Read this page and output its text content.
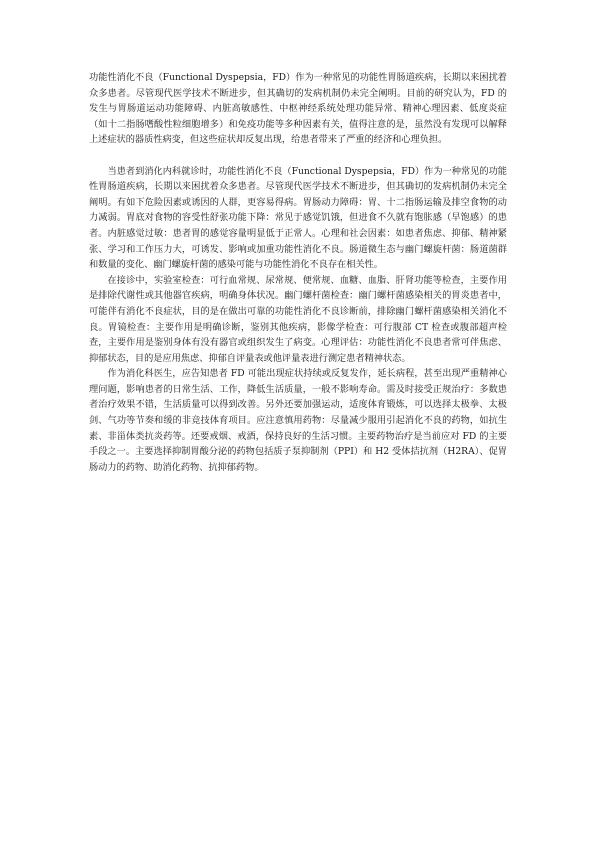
功能性消化不良（Functional Dyspepsia，FD）作为一种常见的功能性胃肠道疾病，长期以来困扰着众多患者。尽管现代医学技术不断进步，但其确切的发病机制仍未完全阐明。目前的研究认为，FD 的发生与胃肠道运动功能障碍、内脏高敏感性、中枢神经系统处理功能异常、精神心理因素、低度炎症（如十二指肠嗜酸性粒细胞增多）和免疫功能等多种因素有关，值得注意的是，虽然没有发现可以解释上述症状的器质性病变，但这些症状却反复出现，给患者带来了严重的经济和心理负担。

当患者到消化内科就诊时，功能性消化不良（Functional Dyspepsia，FD）作为一种常见的功能性胃肠道疾病，长期以来困扰着众多患者。尽管现代医学技术不断进步，但其确切的发病机制仍未完全阐明。有如下危险因素或诱因的人群，更容易得病。胃肠动力障碍：胃、十二指肠运输及排空食物的动力减弱。胃底对食物的容受性舒张功能下降：常见于感觉饥饿，但进食不久就有饱胀感（早饱感）的患者。内脏感觉过敏：患者胃的感觉容量明显低于正常人。心理和社会因素：如患者焦虑、抑郁、精神紧张、学习和工作压力大，可诱发、影响或加重功能性消化不良。肠道微生态与幽门螺旋杆菌：肠道菌群和数量的变化、幽门螺旋杆菌的感染可能与功能性消化不良存在相关性。

在接诊中，实验室检查：可行血常规、尿常规、便常规、血糖、血脂、肝肾功能等检查，主要作用是排除代谢性或其他器官疾病，明确身体状况。幽门螺杆菌检查：幽门螺杆菌感染相关的胃炎患者中，可能伴有消化不良症状，目的是在做出可靠的功能性消化不良诊断前，排除幽门螺杆菌感染相关消化不良。胃镜检查：主要作用是明确诊断，鉴别其他疾病，影像学检查：可行腹部 CT 检查或腹部超声检查，主要作用是鉴别身体有没有器官或组织发生了病变。心理评估：功能性消化不良患者常可伴焦虑、抑郁状态，目的是应用焦虑、抑郁自评量表或他评量表进行测定患者精神状态。

作为消化科医生，应告知患者 FD 可能出现症状持续或反复发作，延长病程，甚至出现严重精神心理问题，影响患者的日常生活、工作，降低生活质量，一般不影响寿命。需及时接受正规治疗：多数患者治疗效果不错，生活质量可以得到改善。另外还要加强运动，适度体育锻炼，可以选择太极拳、太极剑、气功等节奏和缓的非竞技体育项目。应注意慎用药物：尽量减少服用引起消化不良的药物，如抗生素、非甾体类抗炎药等。还要戒烟、戒酒，保持良好的生活习惯。主要药物治疗是当前应对 FD 的主要手段之一。主要选择抑制胃酸分泌的药物包括质子泵抑制剂（PPI）和 H2 受体拮抗剂（H2RA）、促胃肠动力的药物、助消化药物、抗抑郁药物。
